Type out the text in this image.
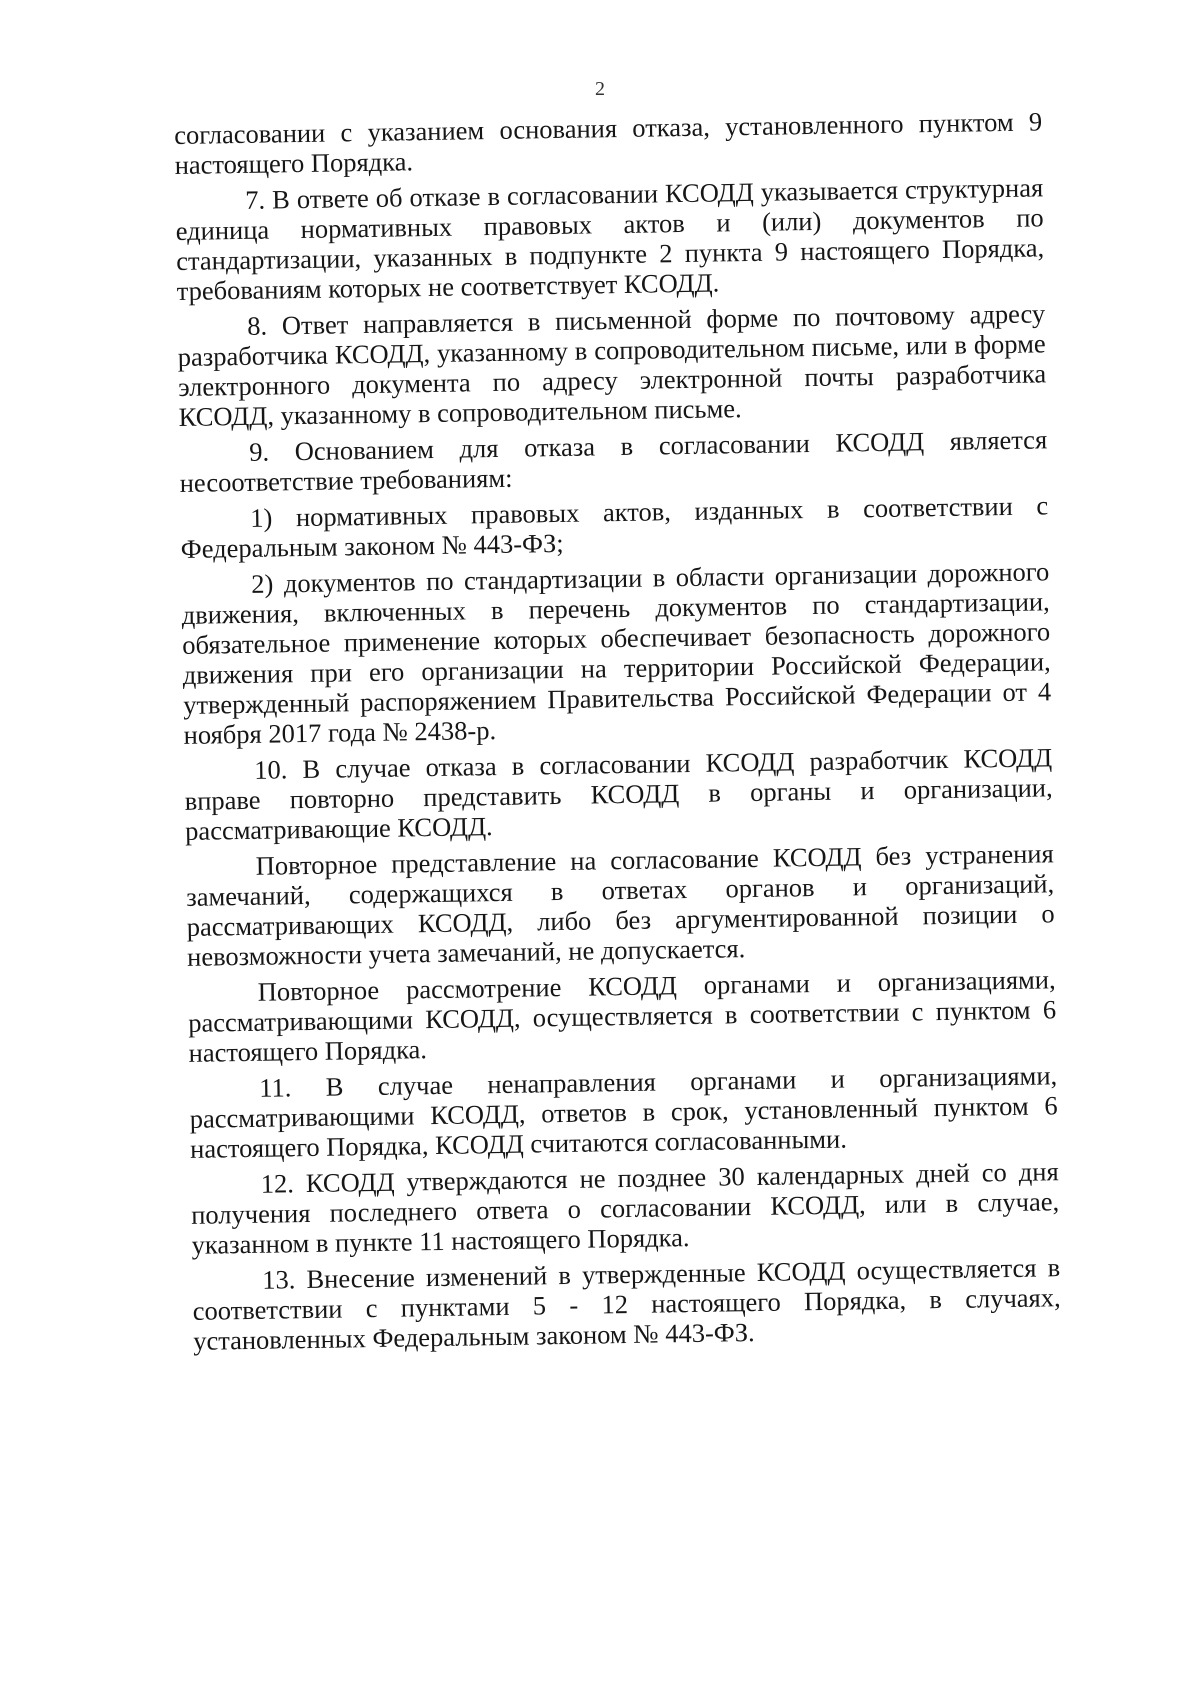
2

согласовании с указанием основания отказа, установленного пунктом 9 настоящего Порядка.

7. В ответе об отказе в согласовании КСОДД указывается структурная единица нормативных правовых актов и (или) документов по стандартизации, указанных в подпункте 2 пункта 9 настоящего Порядка, требованиям которых не соответствует КСОДД.

8. Ответ направляется в письменной форме по почтовому адресу разработчика КСОДД, указанному в сопроводительном письме, или в форме электронного документа по адресу электронной почты разработчика КСОДД, указанному в сопроводительном письме.

9. Основанием для отказа в согласовании КСОДД является несоответствие требованиям:

1) нормативных правовых актов, изданных в соответствии с Федеральным законом № 443-ФЗ;

2) документов по стандартизации в области организации дорожного движения, включенных в перечень документов по стандартизации, обязательное применение которых обеспечивает безопасность дорожного движения при его организации на территории Российской Федерации, утвержденный распоряжением Правительства Российской Федерации от 4 ноября 2017 года № 2438-р.

10. В случае отказа в согласовании КСОДД разработчик КСОДД вправе повторно представить КСОДД в органы и организации, рассматривающие КСОДД.

Повторное представление на согласование КСОДД без устранения замечаний, содержащихся в ответах органов и организаций, рассматривающих КСОДД, либо без аргументированной позиции о невозможности учета замечаний, не допускается.

Повторное рассмотрение КСОДД органами и организациями, рассматривающими КСОДД, осуществляется в соответствии с пунктом 6 настоящего Порядка.

11. В случае ненаправления органами и организациями, рассматривающими КСОДД, ответов в срок, установленный пунктом 6 настоящего Порядка, КСОДД считаются согласованными.

12. КСОДД утверждаются не позднее 30 календарных дней со дня получения последнего ответа о согласовании КСОДД, или в случае, указанном в пункте 11 настоящего Порядка.

13. Внесение изменений в утвержденные КСОДД осуществляется в соответствии с пунктами 5 - 12 настоящего Порядка, в случаях, установленных Федеральным законом № 443-ФЗ.
